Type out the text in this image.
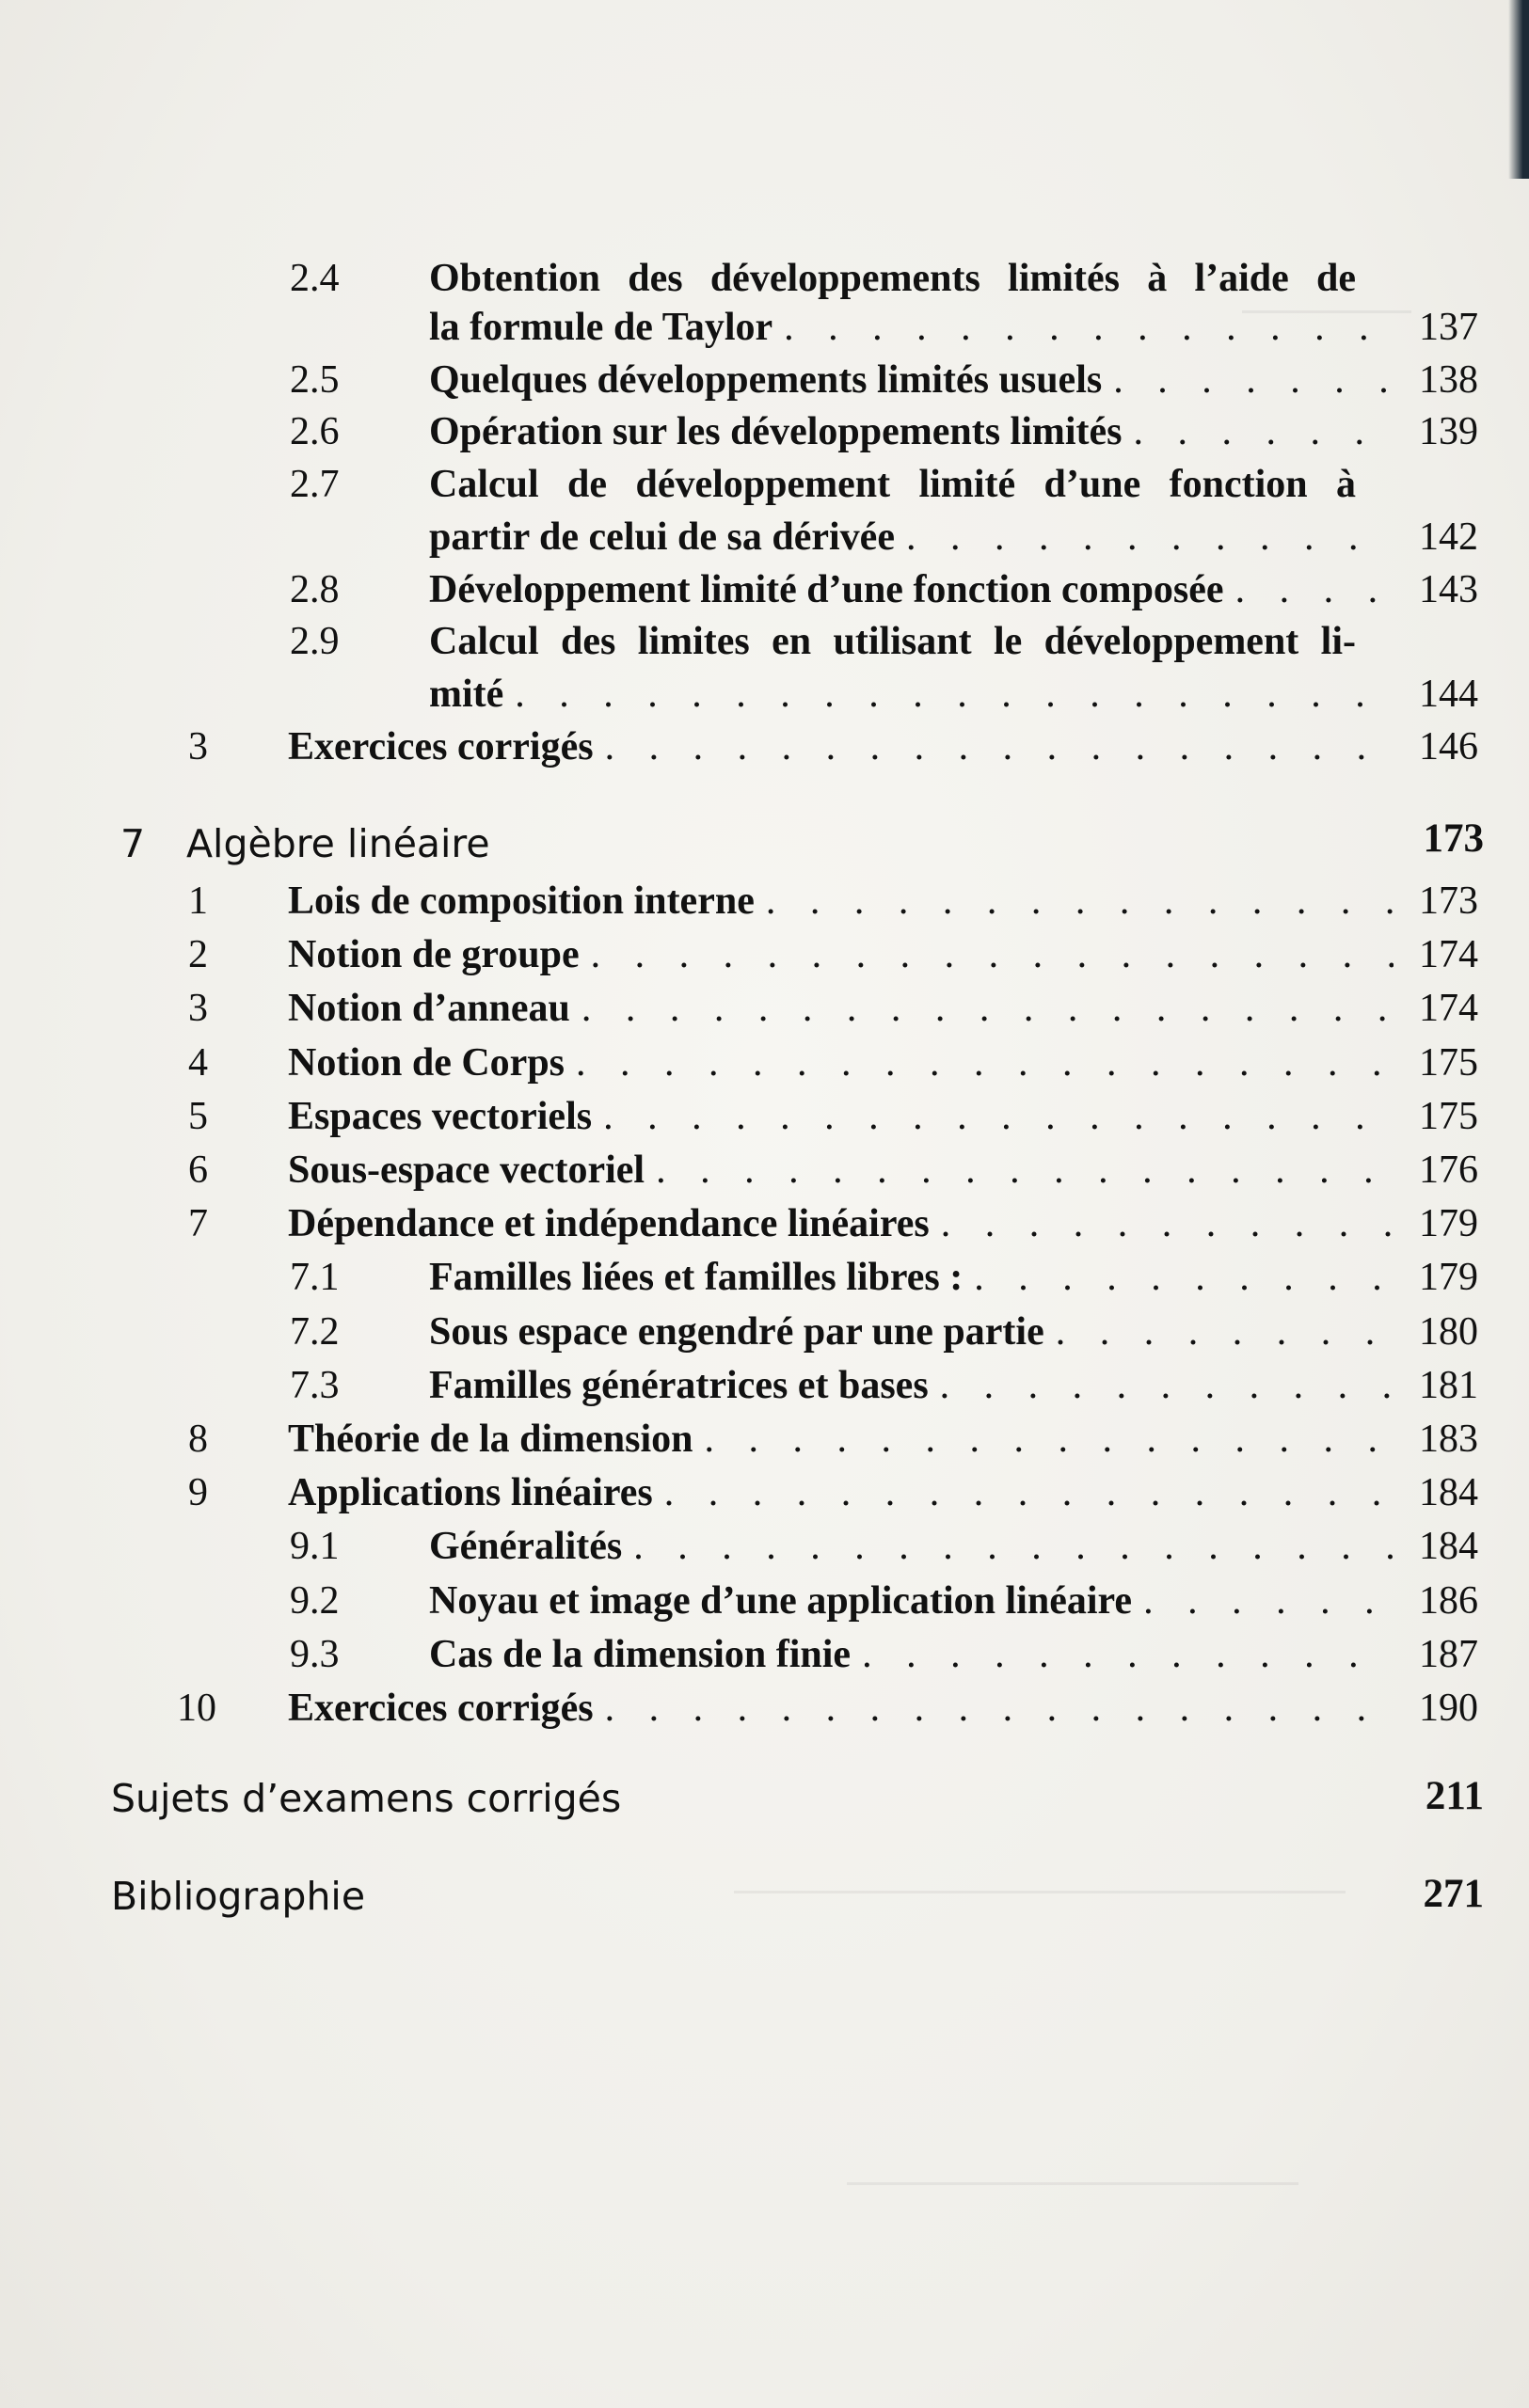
2.4 Obtention des développements limités à l’aide de
la formule de Taylor . . .	137
2.5 Quelques développements limités usuels . . .	138
2.6 Opération sur les développements limités . . .	139
2.7 Calcul de développement limité d’une fonction à
partir de celui de sa dérivée . . .	142
2.8 Développement limité d’une fonction composée . . .	143
2.9 Calcul des limites en utilisant le développement li-
mité . . .	144
3 Exercices corrigés . . .	146
7 Algèbre linéaire	173
1 Lois de composition interne . . .	173
2 Notion de groupe . . .	174
3 Notion d’anneau . . .	174
4 Notion de Corps . . .	175
5 Espaces vectoriels . . .	175
6 Sous-espace vectoriel . . .	176
7 Dépendance et indépendance linéaires . . .	179
7.1 Familles liées et familles libres : . . .	179
7.2 Sous espace engendré par une partie . . .	180
7.3 Familles génératrices et bases . . .	181
8 Théorie de la dimension . . .	183
9 Applications linéaires . . .	184
9.1 Généralités . . .	184
9.2 Noyau et image d’une application linéaire . . .	186
9.3 Cas de la dimension finie . . .	187
10 Exercices corrigés . . .	190
Sujets d’examens corrigés	211
Bibliographie	271
